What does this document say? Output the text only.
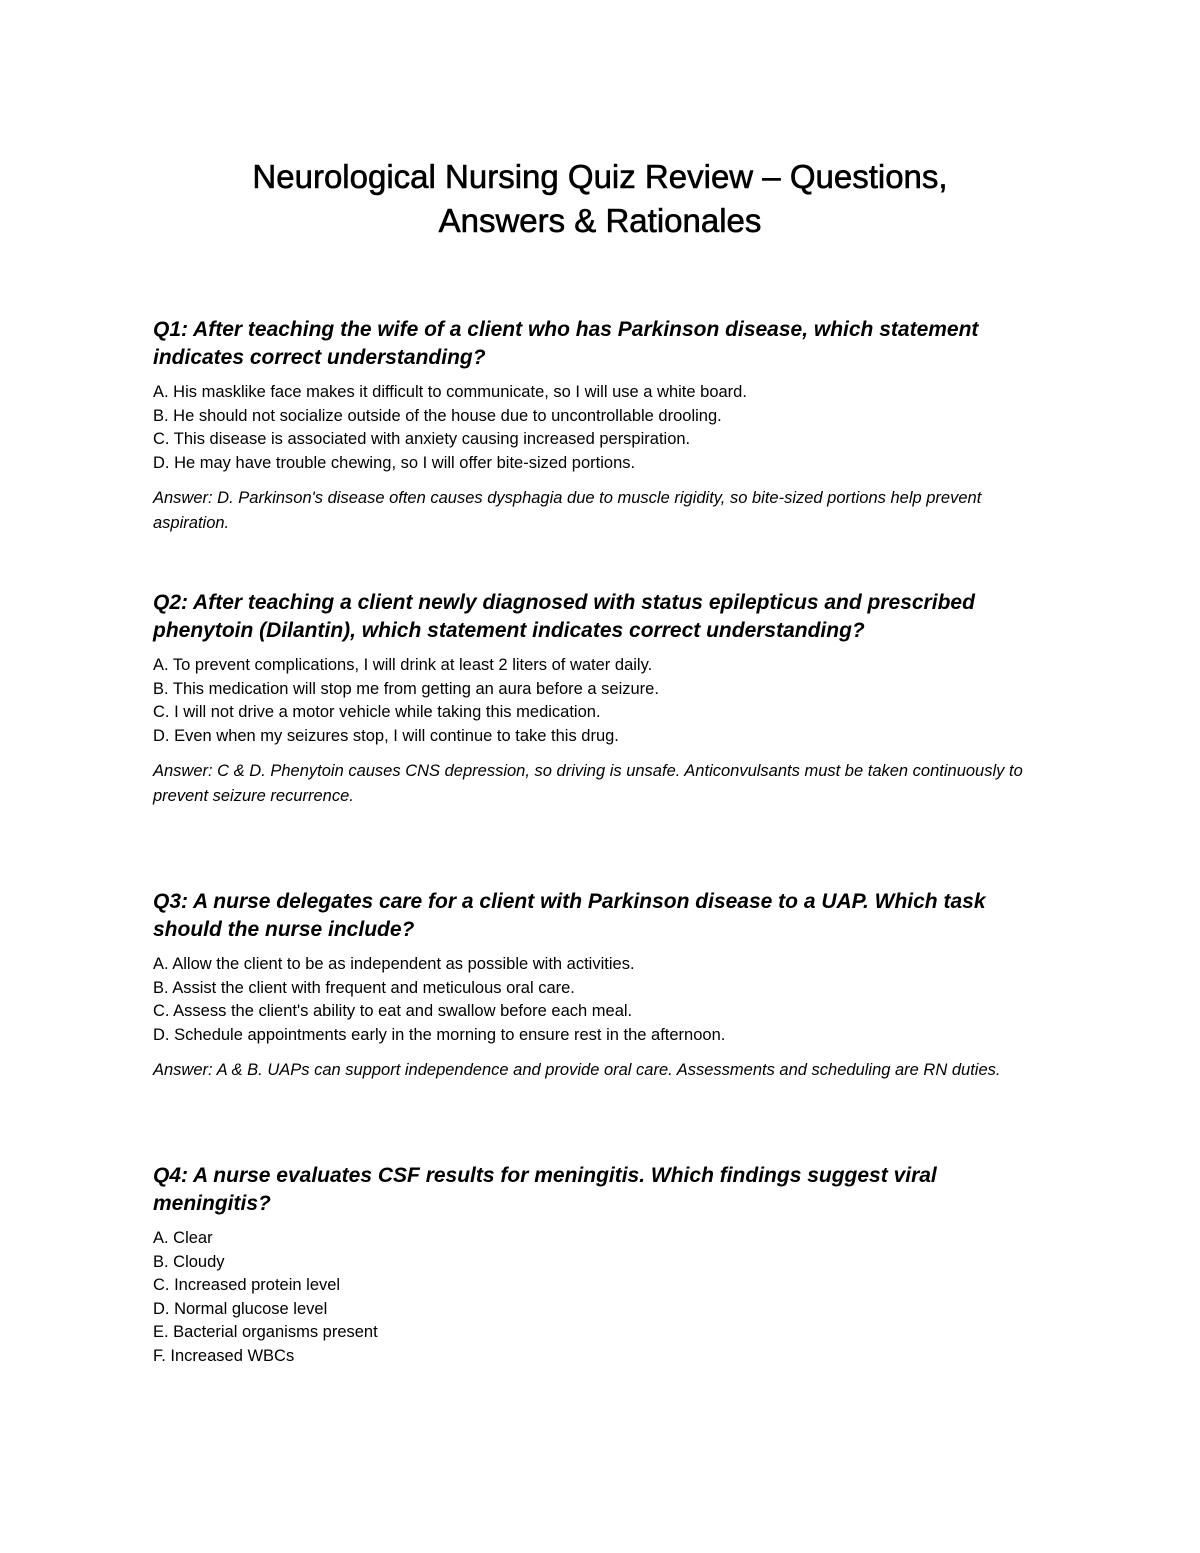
Neurological Nursing Quiz Review – Questions,
Answers & Rationales

Q1: After teaching the wife of a client who has Parkinson disease, which statement indicates correct understanding?

A. His masklike face makes it difficult to communicate, so I will use a white board.
B. He should not socialize outside of the house due to uncontrollable drooling.
C. This disease is associated with anxiety causing increased perspiration.
D. He may have trouble chewing, so I will offer bite-sized portions.

Answer: D. Parkinson's disease often causes dysphagia due to muscle rigidity, so bite-sized portions help prevent aspiration.

Q2: After teaching a client newly diagnosed with status epilepticus and prescribed phenytoin (Dilantin), which statement indicates correct understanding?

A. To prevent complications, I will drink at least 2 liters of water daily.
B. This medication will stop me from getting an aura before a seizure.
C. I will not drive a motor vehicle while taking this medication.
D. Even when my seizures stop, I will continue to take this drug.

Answer: C & D. Phenytoin causes CNS depression, so driving is unsafe. Anticonvulsants must be taken continuously to prevent seizure recurrence.

Q3: A nurse delegates care for a client with Parkinson disease to a UAP. Which task should the nurse include?

A. Allow the client to be as independent as possible with activities.
B. Assist the client with frequent and meticulous oral care.
C. Assess the client's ability to eat and swallow before each meal.
D. Schedule appointments early in the morning to ensure rest in the afternoon.

Answer: A & B. UAPs can support independence and provide oral care. Assessments and scheduling are RN duties.

Q4: A nurse evaluates CSF results for meningitis. Which findings suggest viral meningitis?

A. Clear
B. Cloudy
C. Increased protein level
D. Normal glucose level
E. Bacterial organisms present
F. Increased WBCs
